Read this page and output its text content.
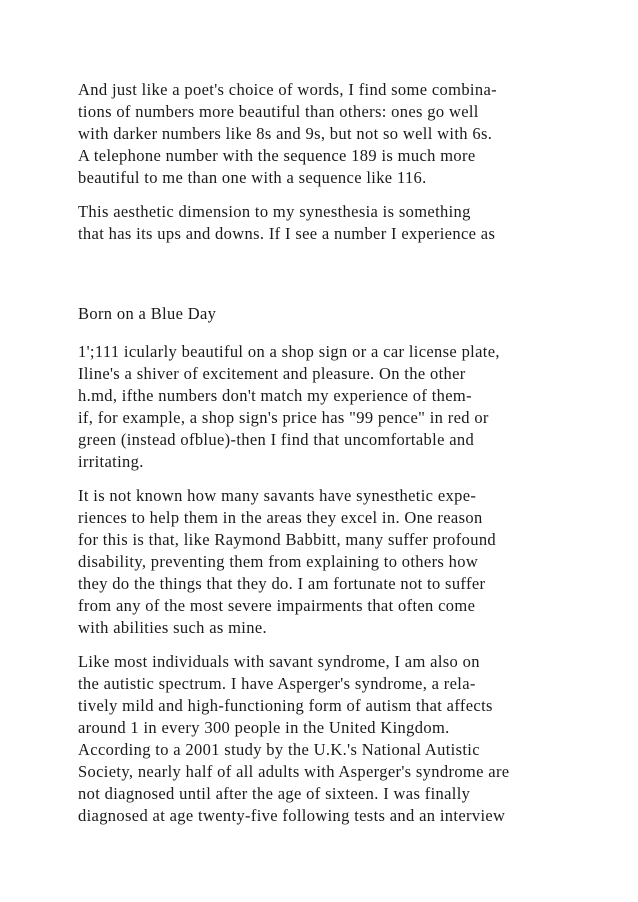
And just like a poet's choice of words, I find some combina-
tions of numbers more beautiful than others: ones go well
with darker numbers like 8s and 9s, but not so well with 6s.
A telephone number with the sequence 189 is much more
beautiful to me than one with a sequence like 116.
This aesthetic dimension to my synesthesia is something
that has its ups and downs. If I see a number I experience as
Born on a Blue Day
1';111 icularly beautiful on a shop sign or a car license plate,
Iline's a shiver of excitement and pleasure. On the other
h.md, ifthe numbers don't match my experience of them-
if, for example, a shop sign's price has "99 pence" in red or
green (instead ofblue)-then I find that uncomfortable and
irritating.
It is not known how many savants have synesthetic expe-
riences to help them in the areas they excel in. One reason
for this is that, like Raymond Babbitt, many suffer profound
disability, preventing them from explaining to others how
they do the things that they do. I am fortunate not to suffer
from any of the most severe impairments that often come
with abilities such as mine.
Like most individuals with savant syndrome, I am also on
the autistic spectrum. I have Asperger's syndrome, a rela-
tively mild and high-functioning form of autism that affects
around 1 in every 300 people in the United Kingdom.
According to a 2001 study by the U.K.'s National Autistic
Society, nearly half of all adults with Asperger's syndrome are
not diagnosed until after the age of sixteen. I was finally
diagnosed at age twenty-five following tests and an interview
